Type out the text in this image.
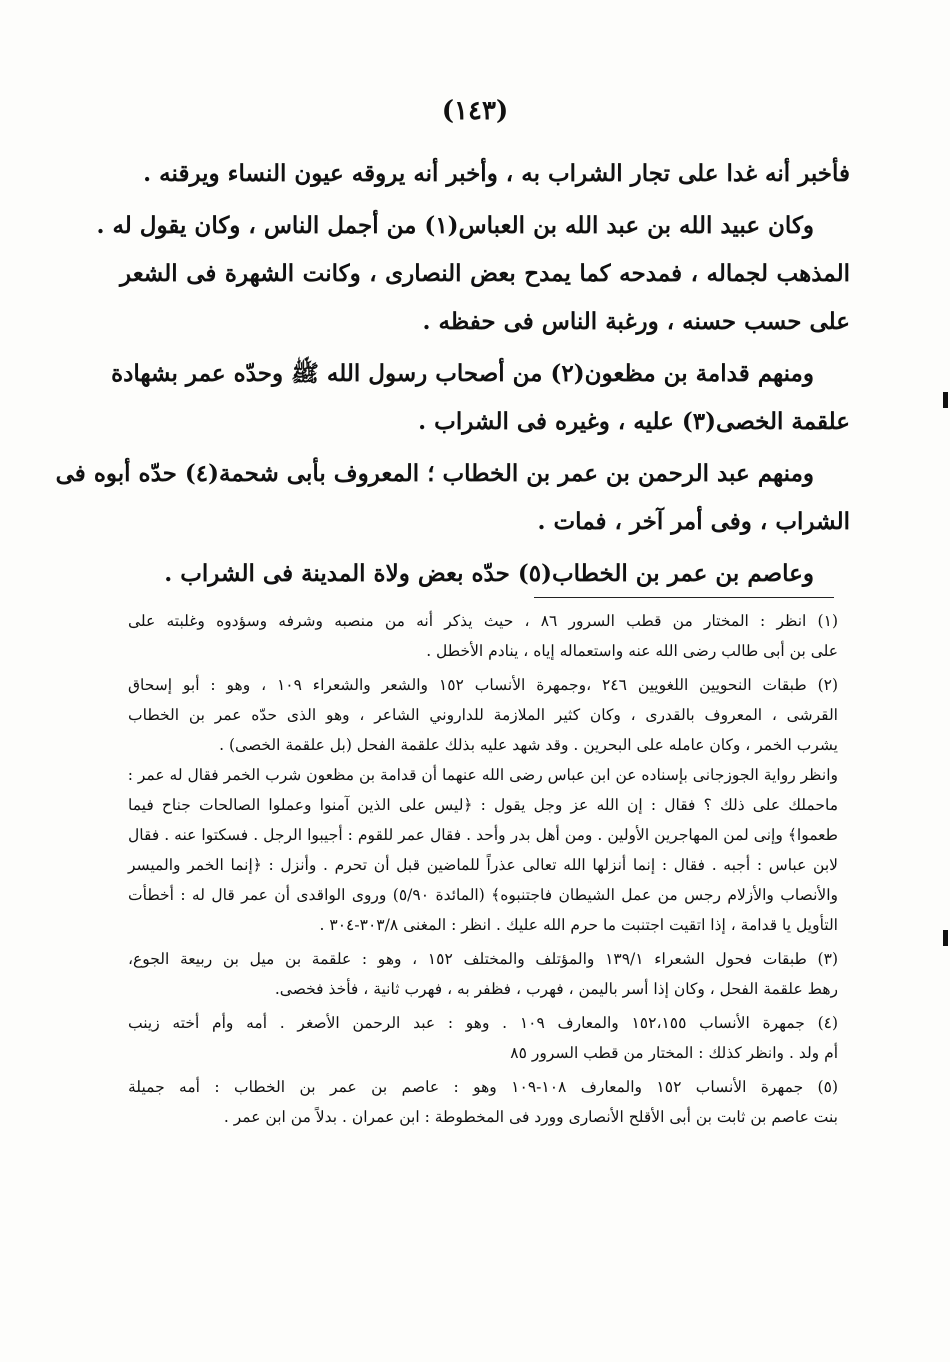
(١٤٣)
فأخبر أنه غدا على تجار الشراب به ، وأخبر أنه يروقه عيون النساء ويرقنه .
وكان عبيد الله بن عبد الله بن العباس(١) من أجمل الناس ، وكان يقول له .
المذهب لجماله ، فمدحه كما يمدح بعض النصارى ، وكانت الشهرة فى الشعر
على حسب حسنه ، ورغبة الناس فى حفظه .
ومنهم قدامة بن مظعون(٢) من أصحاب رسول الله ﷺ وحدّه عمر بشهادة
علقمة الخصى(٣) عليه ، وغيره فى الشراب .
ومنهم عبد الرحمن بن عمر بن الخطاب ؛ المعروف بأبى شحمة(٤) حدّه أبوه فى
الشراب ، وفى أمر آخر ، فمات .
وعاصم بن عمر بن الخطاب(٥) حدّه بعض ولاة المدينة فى الشراب .
(١) انظر : المختار من قطب السرور ٨٦ ، حيث يذكر أنه من منصبه وشرفه وسؤدوه وغلبته على
على بن أبى طالب رضى الله عنه واستعماله إياه ، ينادم الأخطل .
(٢) طبقات النحويين اللغويين ٢٤٦ ،وجمهرة الأنساب ١٥٢ والشعر والشعراء ١٠٩ ، وهو : أبو إسحاق
القرشى ، المعروف بالقدرى ، وكان كثير الملازمة للداروني الشاعر ، وهو الذى حدّه عمر بن الخطاب
يشرب الخمر ، وكان عامله على البحرين . وقد شهد عليه بذلك علقمة الفحل (بل علقمة الخصى) .
وانظر رواية الجوزجانى بإسناده عن ابن عباس رضى الله عنهما أن قدامة بن مظعون شرب الخمر فقال له عمر :
ماحملك على ذلك ؟ فقال : إن الله عز وجل يقول : ﴿ليس على الذين آمنوا وعملوا الصالحات جناح فيما
طعموا﴾ وإنى لمن المهاجرين الأولين . ومن أهل بدر وأحد . فقال عمر للقوم : أجيبوا الرجل . فسكتوا عنه . فقال
لابن عباس : أجبه . فقال : إنما أنزلها الله تعالى عذراً للماضين قبل أن تحرم . وأنزل : ﴿إنما الخمر والميسر
والأنصاب والأزلام رجس من عمل الشيطان فاجتنبوه﴾ (المائدة ٥/٩٠) وروى الواقدى أن عمر قال له : أخطأت
التأويل يا قدامة ، إذا اتقيت اجتنبت ما حرم الله عليك . انظر : المغنى ٣٠٣/٨-٣٠٤ .
(٣) طبقات فحول الشعراء ١٣٩/١ والمؤتلف والمختلف ١٥٢ ، وهو : علقمة بن ميل بن ربيعة الجوع،
رهط علقمة الفحل ، وكان إذا أسر باليمن ، فهرب ، فظفر به ، فهرب ثانية ، فأخذ فخصى.
(٤) جمهرة الأنساب ١٥٢،١٥٥ والمعارف ١٠٩ . وهو : عبد الرحمن الأصغر . أمه وأم أخته زينب
أم ولد . وانظر كذلك : المختار من قطب السرور ٨٥
(٥) جمهرة الأنساب ١٥٢ والمعارف ١٠٨-١٠٩ وهو : عاصم بن عمر بن الخطاب : أمه جميلة
بنت عاصم بن ثابت بن أبى الأقلح الأنصارى وورد فى المخطوطة : ابن عمران . بدلاً من ابن عمر .
